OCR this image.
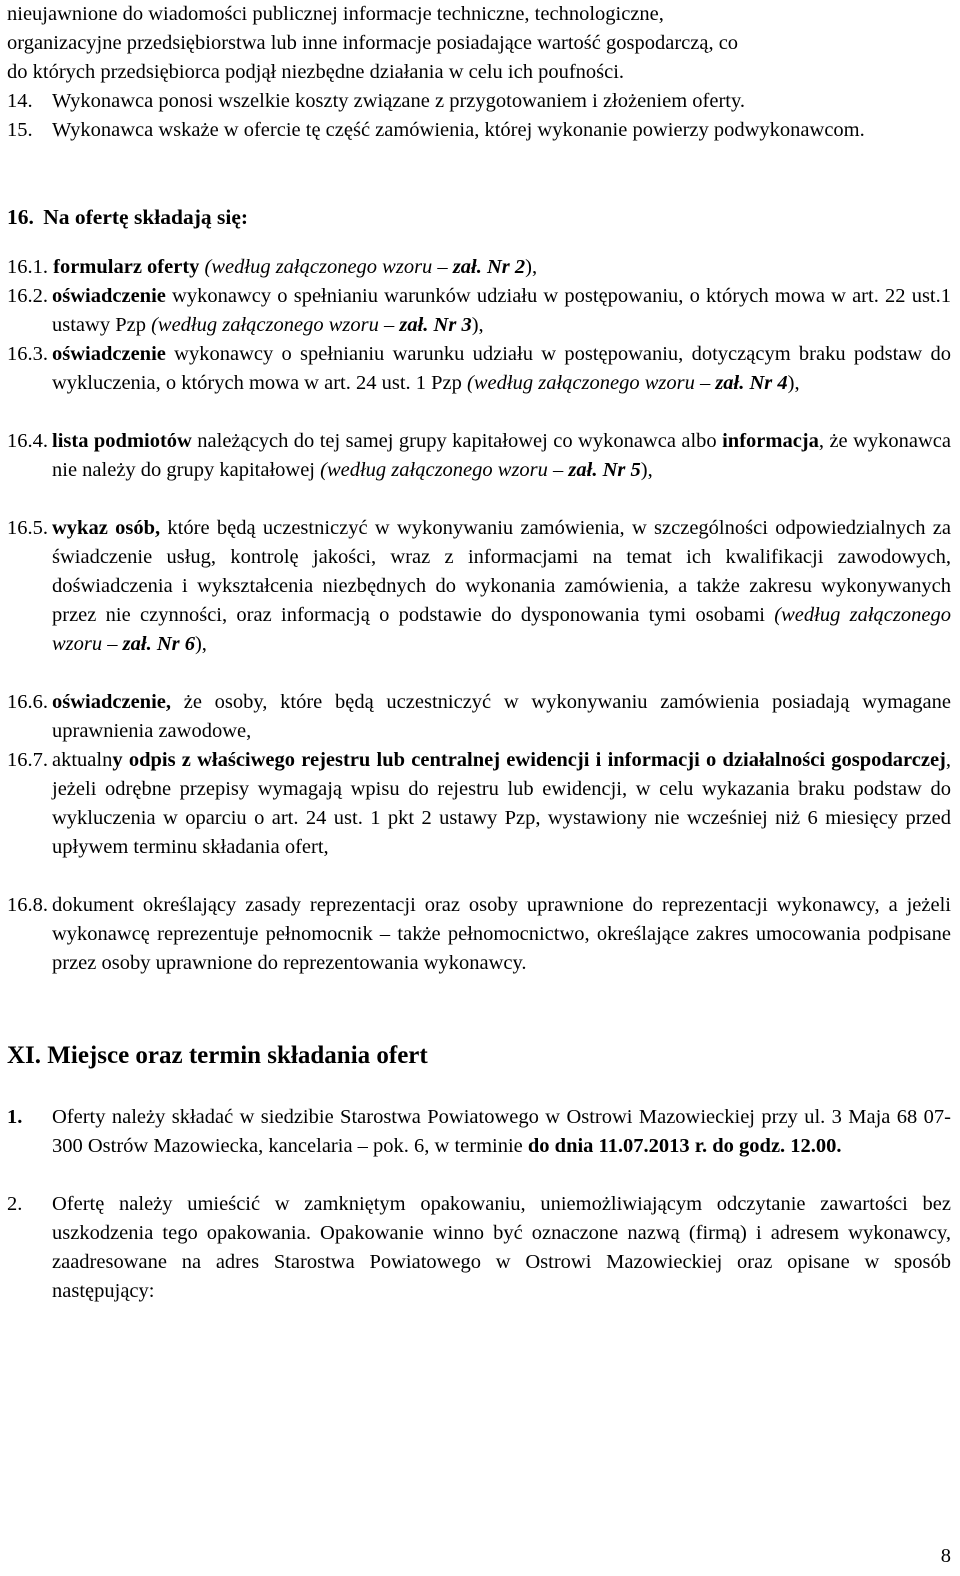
nieujawnione do wiadomości publicznej informacje techniczne, technologiczne,
organizacyjne przedsiębiorstwa lub inne informacje posiadające wartość gospodarczą, co
do których przedsiębiorca podjął niezbędne działania w celu ich poufności.
14. Wykonawca ponosi wszelkie koszty związane z przygotowaniem i złożeniem oferty.
15. Wykonawca wskaże w ofercie tę część zamówienia, której wykonanie powierzy podwykonawcom.
16. Na ofertę składają się:
16.1. formularz oferty (według załączonego wzoru – zał. Nr 2),
16.2. oświadczenie wykonawcy o spełnianiu warunków udziału w postępowaniu, o których mowa w art. 22 ust.1 ustawy Pzp (według załączonego wzoru – zał. Nr 3),
16.3. oświadczenie wykonawcy o spełnianiu warunku udziału w postępowaniu, dotyczącym braku podstaw do wykluczenia, o których mowa w art. 24 ust. 1 Pzp (według załączonego wzoru – zał. Nr 4),
16.4. lista podmiotów należących do tej samej grupy kapitałowej co wykonawca albo informacja, że wykonawca nie należy do grupy kapitałowej (według załączonego wzoru – zał. Nr 5),
16.5. wykaz osób, które będą uczestniczyć w wykonywaniu zamówienia, w szczególności odpowiedzialnych za świadczenie usług, kontrolę jakości, wraz z informacjami na temat ich kwalifikacji zawodowych, doświadczenia i wykształcenia niezbędnych do wykonania zamówienia, a także zakresu wykonywanych przez nie czynności, oraz informacją o podstawie do dysponowania tymi osobami (według załączonego wzoru – zał. Nr 6),
16.6. oświadczenie, że osoby, które będą uczestniczyć w wykonywaniu zamówienia posiadają wymagane uprawnienia zawodowe,
16.7. aktualny odpis z właściwego rejestru lub centralnej ewidencji i informacji o działalności gospodarczej, jeżeli odrębne przepisy wymagają wpisu do rejestru lub ewidencji, w celu wykazania braku podstaw do wykluczenia w oparciu o art. 24 ust. 1 pkt 2 ustawy Pzp, wystawiony nie wcześniej niż 6 miesięcy przed upływem terminu składania ofert,
16.8. dokument określający zasady reprezentacji oraz osoby uprawnione do reprezentacji wykonawcy, a jeżeli wykonawcę reprezentuje pełnomocnik – także pełnomocnictwo, określające zakres umocowania podpisane przez osoby uprawnione do reprezentowania wykonawcy.
XI. Miejsce oraz termin składania ofert
1. Oferty należy składać w siedzibie Starostwa Powiatowego w Ostrowi Mazowieckiej przy ul. 3 Maja 68 07-300 Ostrów Mazowiecka, kancelaria – pok. 6, w terminie do dnia 11.07.2013 r. do godz. 12.00.
2. Ofertę należy umieścić w zamkniętym opakowaniu, uniemożliwiającym odczytanie zawartości bez uszkodzenia tego opakowania. Opakowanie winno być oznaczone nazwą (firmą) i adresem wykonawcy, zaadresowane na adres Starostwa Powiatowego w Ostrowi Mazowieckiej oraz opisane w sposób następujący:
8
